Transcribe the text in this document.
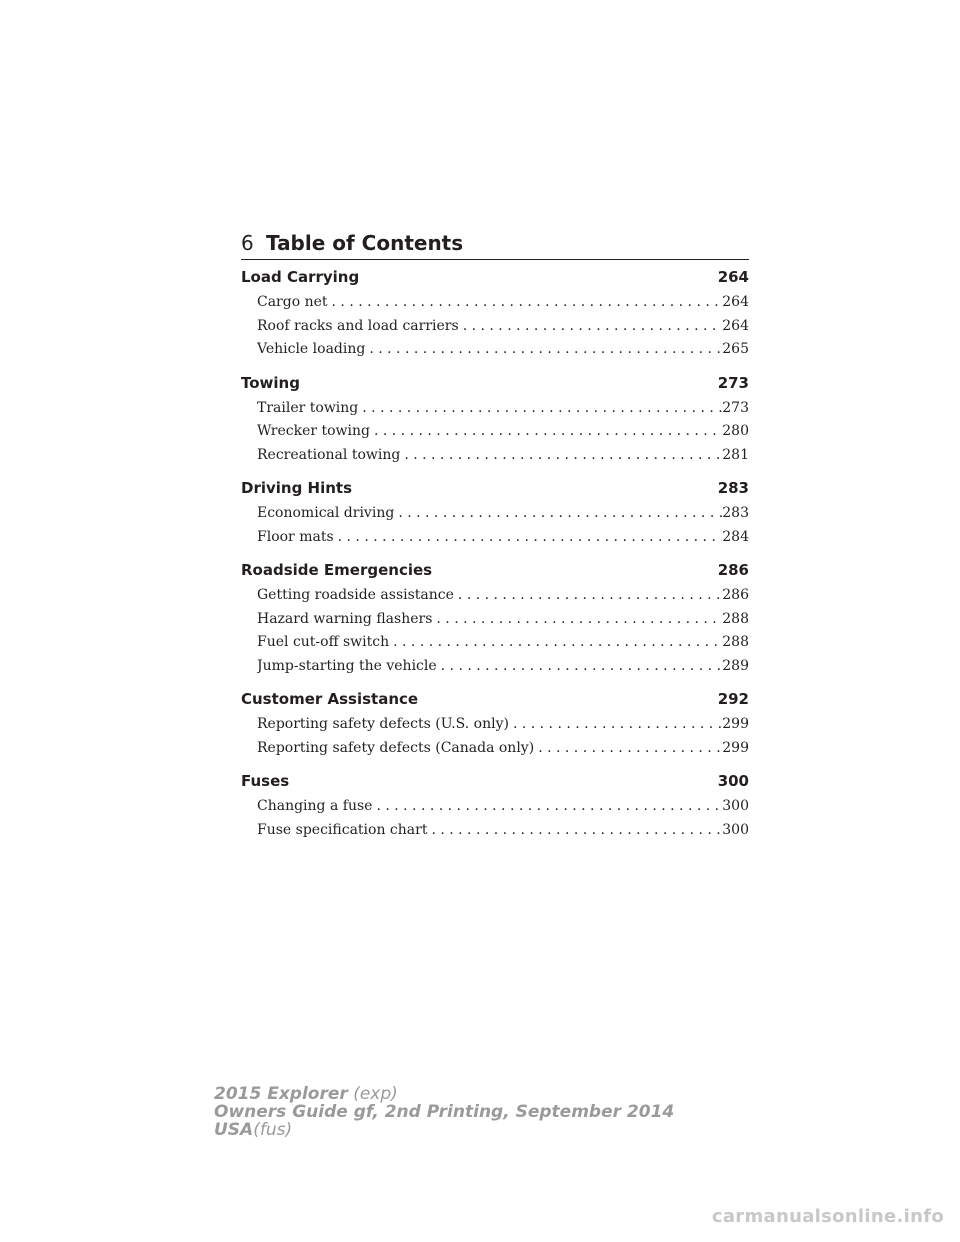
6 Table of Contents
Load Carrying	264
Cargo net . . .	264
Roof racks and load carriers . . .	264
Vehicle loading . . .	265
Towing	273
Trailer towing . . .	273
Wrecker towing . . .	280
Recreational towing . . .	281
Driving Hints	283
Economical driving . . .	283
Floor mats . . .	284
Roadside Emergencies	286
Getting roadside assistance . . .	286
Hazard warning flashers . . .	288
Fuel cut-off switch . . .	288
Jump-starting the vehicle . . .	289
Customer Assistance	292
Reporting safety defects (U.S. only) . . .	299
Reporting safety defects (Canada only) . . .	299
Fuses	300
Changing a fuse . . .	300
Fuse specification chart . . .	300
2015 Explorer (exp)
Owners Guide gf, 2nd Printing, September 2014
USA(fus)
carmanualsonline.info
